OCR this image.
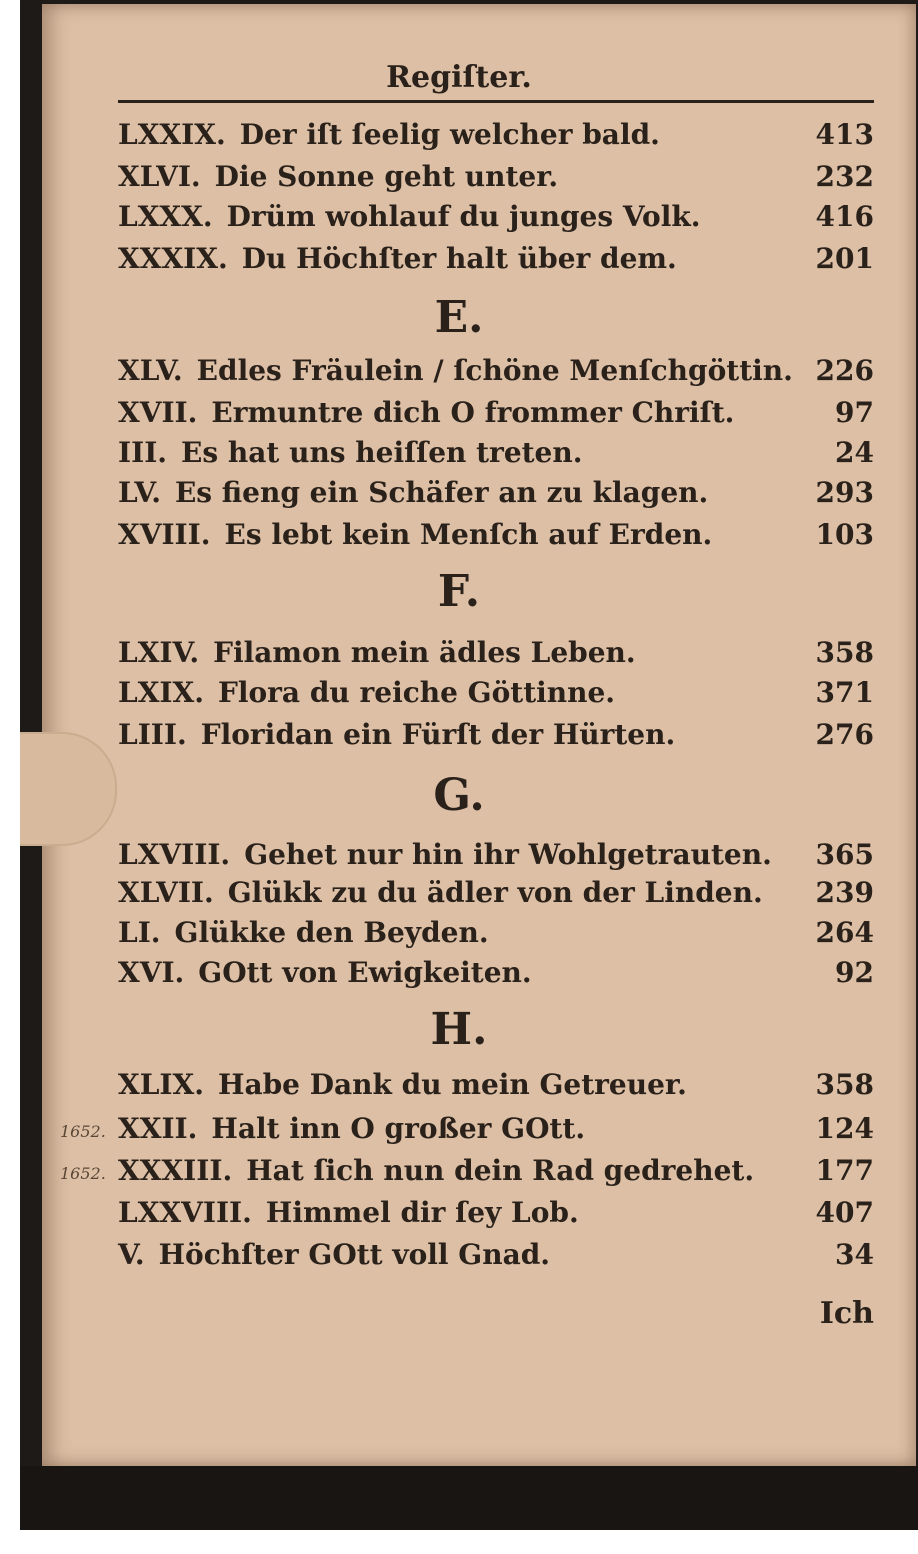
Regiſter.
LXXIX. Der iſt ſeelig welcher bald.	413
XLVI. Die Sonne geht unter.	232
LXXX. Drüm wohlauf du junges Volk.	416
XXXIX. Du Höchſter halt über dem.	201
E.
XLV. Edles Fräulein / ſchöne Menſchgöttin. 226
XVII. Ermuntre dich O frommer Chriſt.	97
III. Es hat uns heiſſen treten.	24
LV. Es fieng ein Schäfer an zu klagen.	293
XVIII. Es lebt kein Menſch auf Erden.	103
F.
LXIV. Filamon mein ädles Leben.	358
LXIX. Flora du reiche Göttinne.	371
LIII. Floridan ein Fürſt der Hürten.	276
G.
LXVIII. Gehet nur hin ihr Wohlgetrauten. 365
XLVII. Glükk zu du ädler von der Linden. 239
LI. Glükke den Beyden.	264
XVI. GOtt von Ewigkeiten.	92
H.
XLIX. Habe Dank du mein Getreuer.	358
XXII. Halt inn O großer GOtt.	124
XXXIII. Hat ſich nun dein Rad gedrehet. 177
LXXVIII. Himmel dir ſey Lob.	407
V. Höchſter GOtt voll Gnad.	34
1652.
1652.
Ich
